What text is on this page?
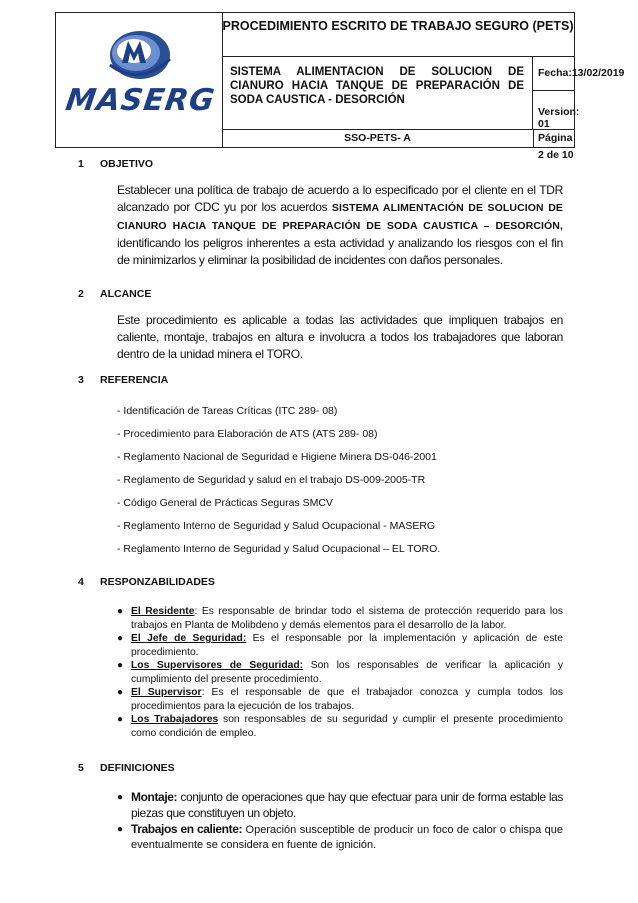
MASERG
PROCEDIMIENTO ESCRITO DE TRABAJO SEGURO (PETS)
SISTEMA ALIMENTACION DE SOLUCION DE CIANURO HACIA TANQUE DE PREPARACIÓN DE SODA CAUSTICA - DESORCIÓN
Fecha:13/02/2019
Version: 01
SSO-PETS- A	Página 2 de 10
1 OBJETIVO
Establecer una política de trabajo de acuerdo a lo especificado por el cliente en el TDR alcanzado por CDC yu por los acuerdos SISTEMA ALIMENTACIÓN DE SOLUCION DE CIANURO HACIA TANQUE DE PREPARACIÓN DE SODA CAUSTICA – DESORCIÓN, identificando los peligros inherentes a esta actividad y analizando los riesgos con el fin de minimizarlos y eliminar la posibilidad de incidentes con daños personales.
2 ALCANCE
Este procedimiento es aplicable a todas las actividades que impliquen trabajos en caliente, montaje, trabajos en altura e involucra a todos los trabajadores que laboran dentro de la unidad minera el TORO.
3 REFERENCIA
- Identificación de Tareas Críticas (ITC 289- 08)
- Procedimiento para Elaboración de ATS (ATS 289- 08)
- Reglamento Nacional de Seguridad e Higiene Minera DS-046-2001
- Reglamento de Seguridad y salud en el trabajo DS-009-2005-TR
- Código General de Prácticas Seguras SMCV
- Reglamento Interno de Seguridad y Salud Ocupacional - MASERG
- Reglamento Interno de Seguridad y Salud Ocupacional – EL TORO.
4 RESPONZABILIDADES
● El Residente: Es responsable de brindar todo el sistema de protección requerido para los trabajos en Planta de Molibdeno y demás elementos para el desarrollo de la labor.
● El Jefe de Seguridad: Es el responsable por la implementación y aplicación de este procedimiento.
● Los Supervisores de Seguridad: Son los responsables de verificar la aplicación y cumplimiento del presente procedimiento.
● El Supervisor: Es el responsable de que el trabajador conozca y cumpla todos los procedimientos para la ejecución de los trabajos.
● Los Trabajadores son responsables de su seguridad y cumplir el presente procedimiento como condición de empleo.
5 DEFINICIONES
● Montaje: conjunto de operaciones que hay que efectuar para unir de forma estable las piezas que constituyen un objeto.
● Trabajos en caliente: Operación susceptible de producir un foco de calor o chispa que eventualmente se considera en fuente de ignición.
